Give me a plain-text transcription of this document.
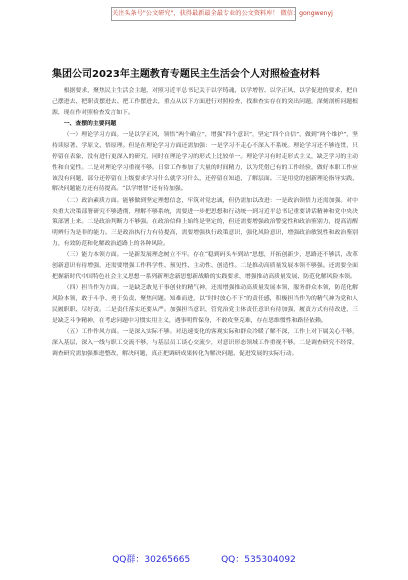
关注头条号"公文研究"，获得最新最全最专业的公文资料库！ 微信：gongwenyj
集团公司2023年主题教育专题民主生活会个人对照检查材料

根据要求，聚焦民主生活会主题，对照习近平总书记关于以学铸魂、以学增智、以学正风、以学促进的要求，把自己摆进去、把职责摆进去、把工作摆进去，重点从以下方面进行对照检查，找准查实存在的突出问题，深刻剖析问题根源，现在作对照检查发言如下。

一、查摆的主要问题

（一）理论学习方面。一是以学正风，领悟“两个确立”，增强“四个意识”，坚定“四个自信”，做到“两个维护”，坚持读原著、学原文、悟原理。但是在理论学习方面还需加强：一是学习不走心不深入不系统。理论学习还不够连贯，只停留在表象，没有进行更深入的研究，同时在理论学习的形式上比较单一。理论学习有时走形式主义，缺乏学习的主动性和自觉性。二是对理论学习重视不够。日常工作参加了大量的时间精力，以为凭借已有的工作经验，做好本职工作应该没有问题，部分还停留在上级要求学习什么就学习什么，还停留在知道、了解层面。三是用党的创新理论指导实践、解决问题能力还有待提高。“以学增智”还有待加强。

（二）政治素质方面。能够做到坚定理想信念，牢筑对党忠诚，但仍需加以改进：一是政治领悟力还需加强。对中央重大决策部署研究不够透彻，理解不够系统，需要进一步把思想和行动统一到习近平总书记重要讲话精神和党中央决策部署上来。二是政治判断力不够强。在政治信仰上始终是坚定的，但还需要增强政治警觉性和政治鉴别力，提高清醒明辨行为是非的能力。三是政治执行力有待提高，需要增强执行政策意识，强化风险意识，增强政治敏锐性和政治鉴别力，有效防范和化解政治道路上的各种风险。

（三）能力本领方面。一是新发展理念树立不牢。存在“稳到码头车到站”思想，开拓创新少，思路还不够活，改革创新意识有待增强，还需要增强工作科学性、预见性、主动性、创造性。二是推动高质量发展本领不够强。还需要全面把握新时代中国特色社会主义思想一系列新理念新思想新战略的实践要求，增强推动高质量发展、防范化解风险本领。

（四）担当作为方面。一是缺乏敢见干事创业的精气神，还需增强推动高质量发展本领，服务群众本领，防范化解风险本领，敢于斗争、勇于负责、聚焦问题。知难而进，以“时时放心不下”的责任感，积极担当作为的精气神为党和人民履职职、尽好责。二是责任落实还要从严。加强担当意识，管党治党主体责任意识有待加强，履责方式有待改进，三是缺乏斗争精神，在考虑问题中习惯实用主义，遇事明哲保身，不敢攻坚克难，存在思维惯性和路径依赖。

（五）工作作风方面。一是深入实际不够。对迅速变化的客观实际和群众冷暖了解不深，工作上对下属关心不够，深入基层，深入一线与职工交流不够，与基层员工谈心交流少，对意识形态领域工作重视不够。二是调查研究不经常，调查研究需加强推进整改，解决问题，真正把调研成果转化为解决问题、促进发展的实际行动。

QQ群：30265665	QQ：535304092
